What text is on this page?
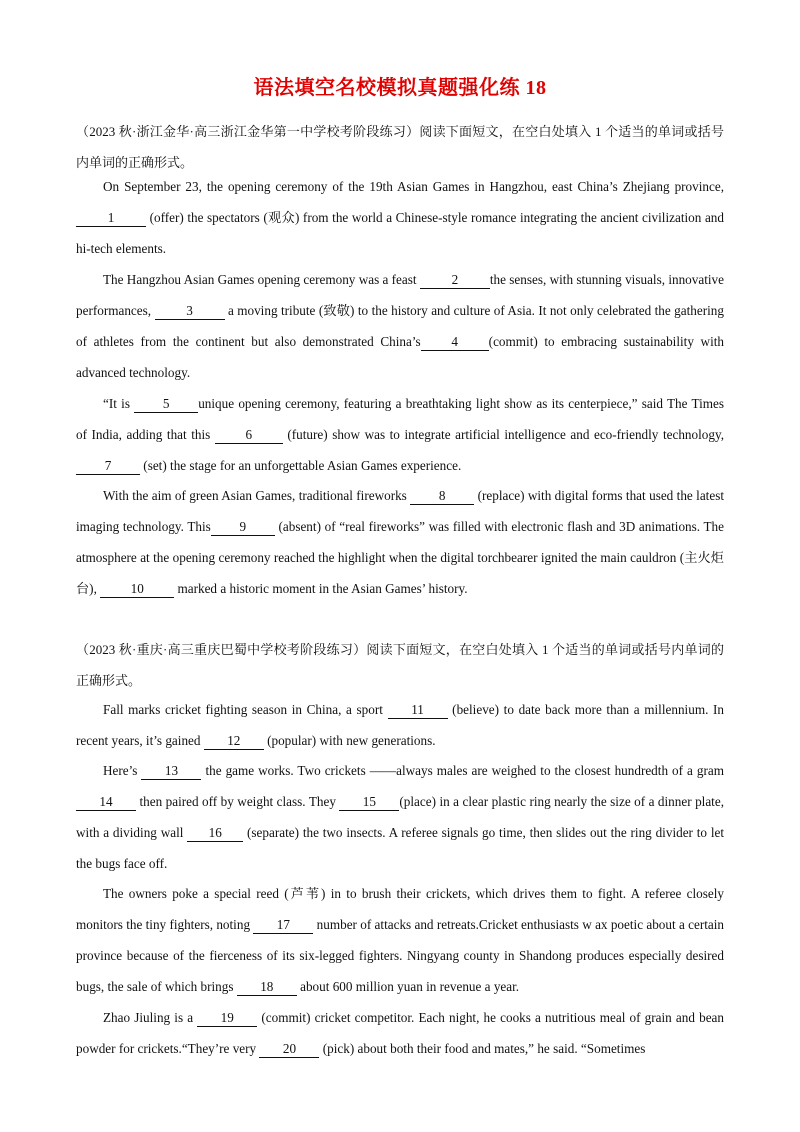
语法填空名校模拟真题强化练 18
（2023 秋·浙江金华·高三浙江金华第一中学校考阶段练习）阅读下面短文，在空白处填入 1 个适当的单词或括号内单词的正确形式。
On September 23, the opening ceremony of the 19th Asian Games in Hangzhou, east China’s Zhejiang province, 1 (offer) the spectators (观众) from the world a Chinese-style romance integrating the ancient civilization and hi-tech elements.
The Hangzhou Asian Games opening ceremony was a feast 2 the senses, with stunning visuals, innovative performances, 3 a moving tribute (致敬) to the history and culture of Asia. It not only celebrated the gathering of athletes from the continent but also demonstrated China’s 4 (commit) to embracing sustainability with advanced technology.
“It is 5 unique opening ceremony, featuring a breathtaking light show as its centerpiece,” said The Times of India, adding that this 6 (future) show was to integrate artificial intelligence and eco-friendly technology, 7 (set) the stage for an unforgettable Asian Games experience.
With the aim of green Asian Games, traditional fireworks 8 (replace) with digital forms that used the latest imaging technology. This 9 (absent) of “real fireworks” was filled with electronic flash and 3D animations. The atmosphere at the opening ceremony reached the highlight when the digital torchbearer ignited the main cauldron (主火炬台), 10 marked a historic moment in the Asian Games’ history.
（2023 秋·重庆·高三重庆巴蜀中学校考阶段练习）阅读下面短文，在空白处填入 1 个适当的单词或括号内单词的正确形式。
Fall marks cricket fighting season in China, a sport 11 (believe) to date back more than a millennium. In recent years, it’s gained 12 (popular) with new generations.
Here’s 13 the game works. Two crickets ——always males are weighed to the closest hundredth of a gram 14 then paired off by weight class. They 15 (place) in a clear plastic ring nearly the size of a dinner plate, with a dividing wall 16 (separate) the two insects. A referee signals go time, then slides out the ring divider to let the bugs face off.
The owners poke a special reed (芦苇) in to brush their crickets, which drives them to fight. A referee closely monitors the tiny fighters, noting 17 number of attacks and retreats.Cricket enthusiasts w ax poetic about a certain province because of the fierceness of its six-legged fighters. Ningyang county in Shandong produces especially desired bugs, the sale of which brings 18 about 600 million yuan in revenue a year.
Zhao Jiuling is a 19 (commit) cricket competitor. Each night, he cooks a nutritious meal of grain and bean powder for crickets.“They’re very 20 (pick) about both their food and mates,” he said. “Sometimes
